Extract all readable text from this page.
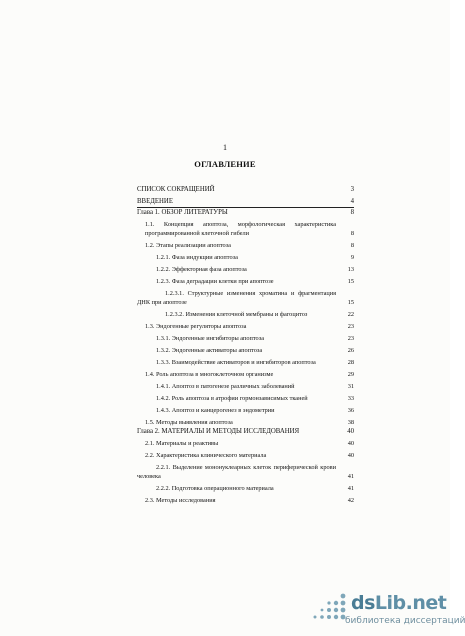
1
ОГЛАВЛЕНИЕ
СПИСОК СОКРАЩЕНИЙ	3
ВВЕДЕНИЕ	4
Глава 1. ОБЗОР ЛИТЕРАТУРЫ	8
1.1. Концепция апоптоза, морфологическая характеристика программированной клеточной гибели	8
1.2. Этапы реализации апоптоза	8
1.2.1. Фаза индукции апоптоза	9
1.2.2. Эффекторная фаза апоптоза	13
1.2.3. Фаза деградации клетки при апоптозе	15
1.2.3.1. Структурные изменения хроматина и фрагментация ДНК при апоптозе	15
1.2.3.2. Изменения клеточной мембраны и фагоцитоз	22
1.3. Эндогенные регуляторы апоптоза	23
1.3.1. Эндогенные ингибиторы апоптоза	23
1.3.2. Эндогенные активаторы апоптоза	26
1.3.3. Взаимодействие активаторов и ингибиторов апоптоза	28
1.4. Роль апоптоза в многоклеточном организме	29
1.4.1. Апоптоз в патогенезе различных заболеваний	31
1.4.2. Роль апоптоза в атрофии гормонзависимых тканей	33
1.4.3. Апоптоз и канцерогенез в эндометрии	36
1.5. Методы выявления апоптоза	38
Глава 2. МАТЕРИАЛЫ И МЕТОДЫ ИССЛЕДОВАНИЯ	40
2.1. Материалы и реактивы	40
2.2. Характеристика клинического материала	40
2.2.1. Выделение мононуклеарных клеток периферической крови человека	41
2.2.2. Подготовка операционного материала	41
2.3. Методы исследования	42
dsLib.net
библиотека диссертаций
